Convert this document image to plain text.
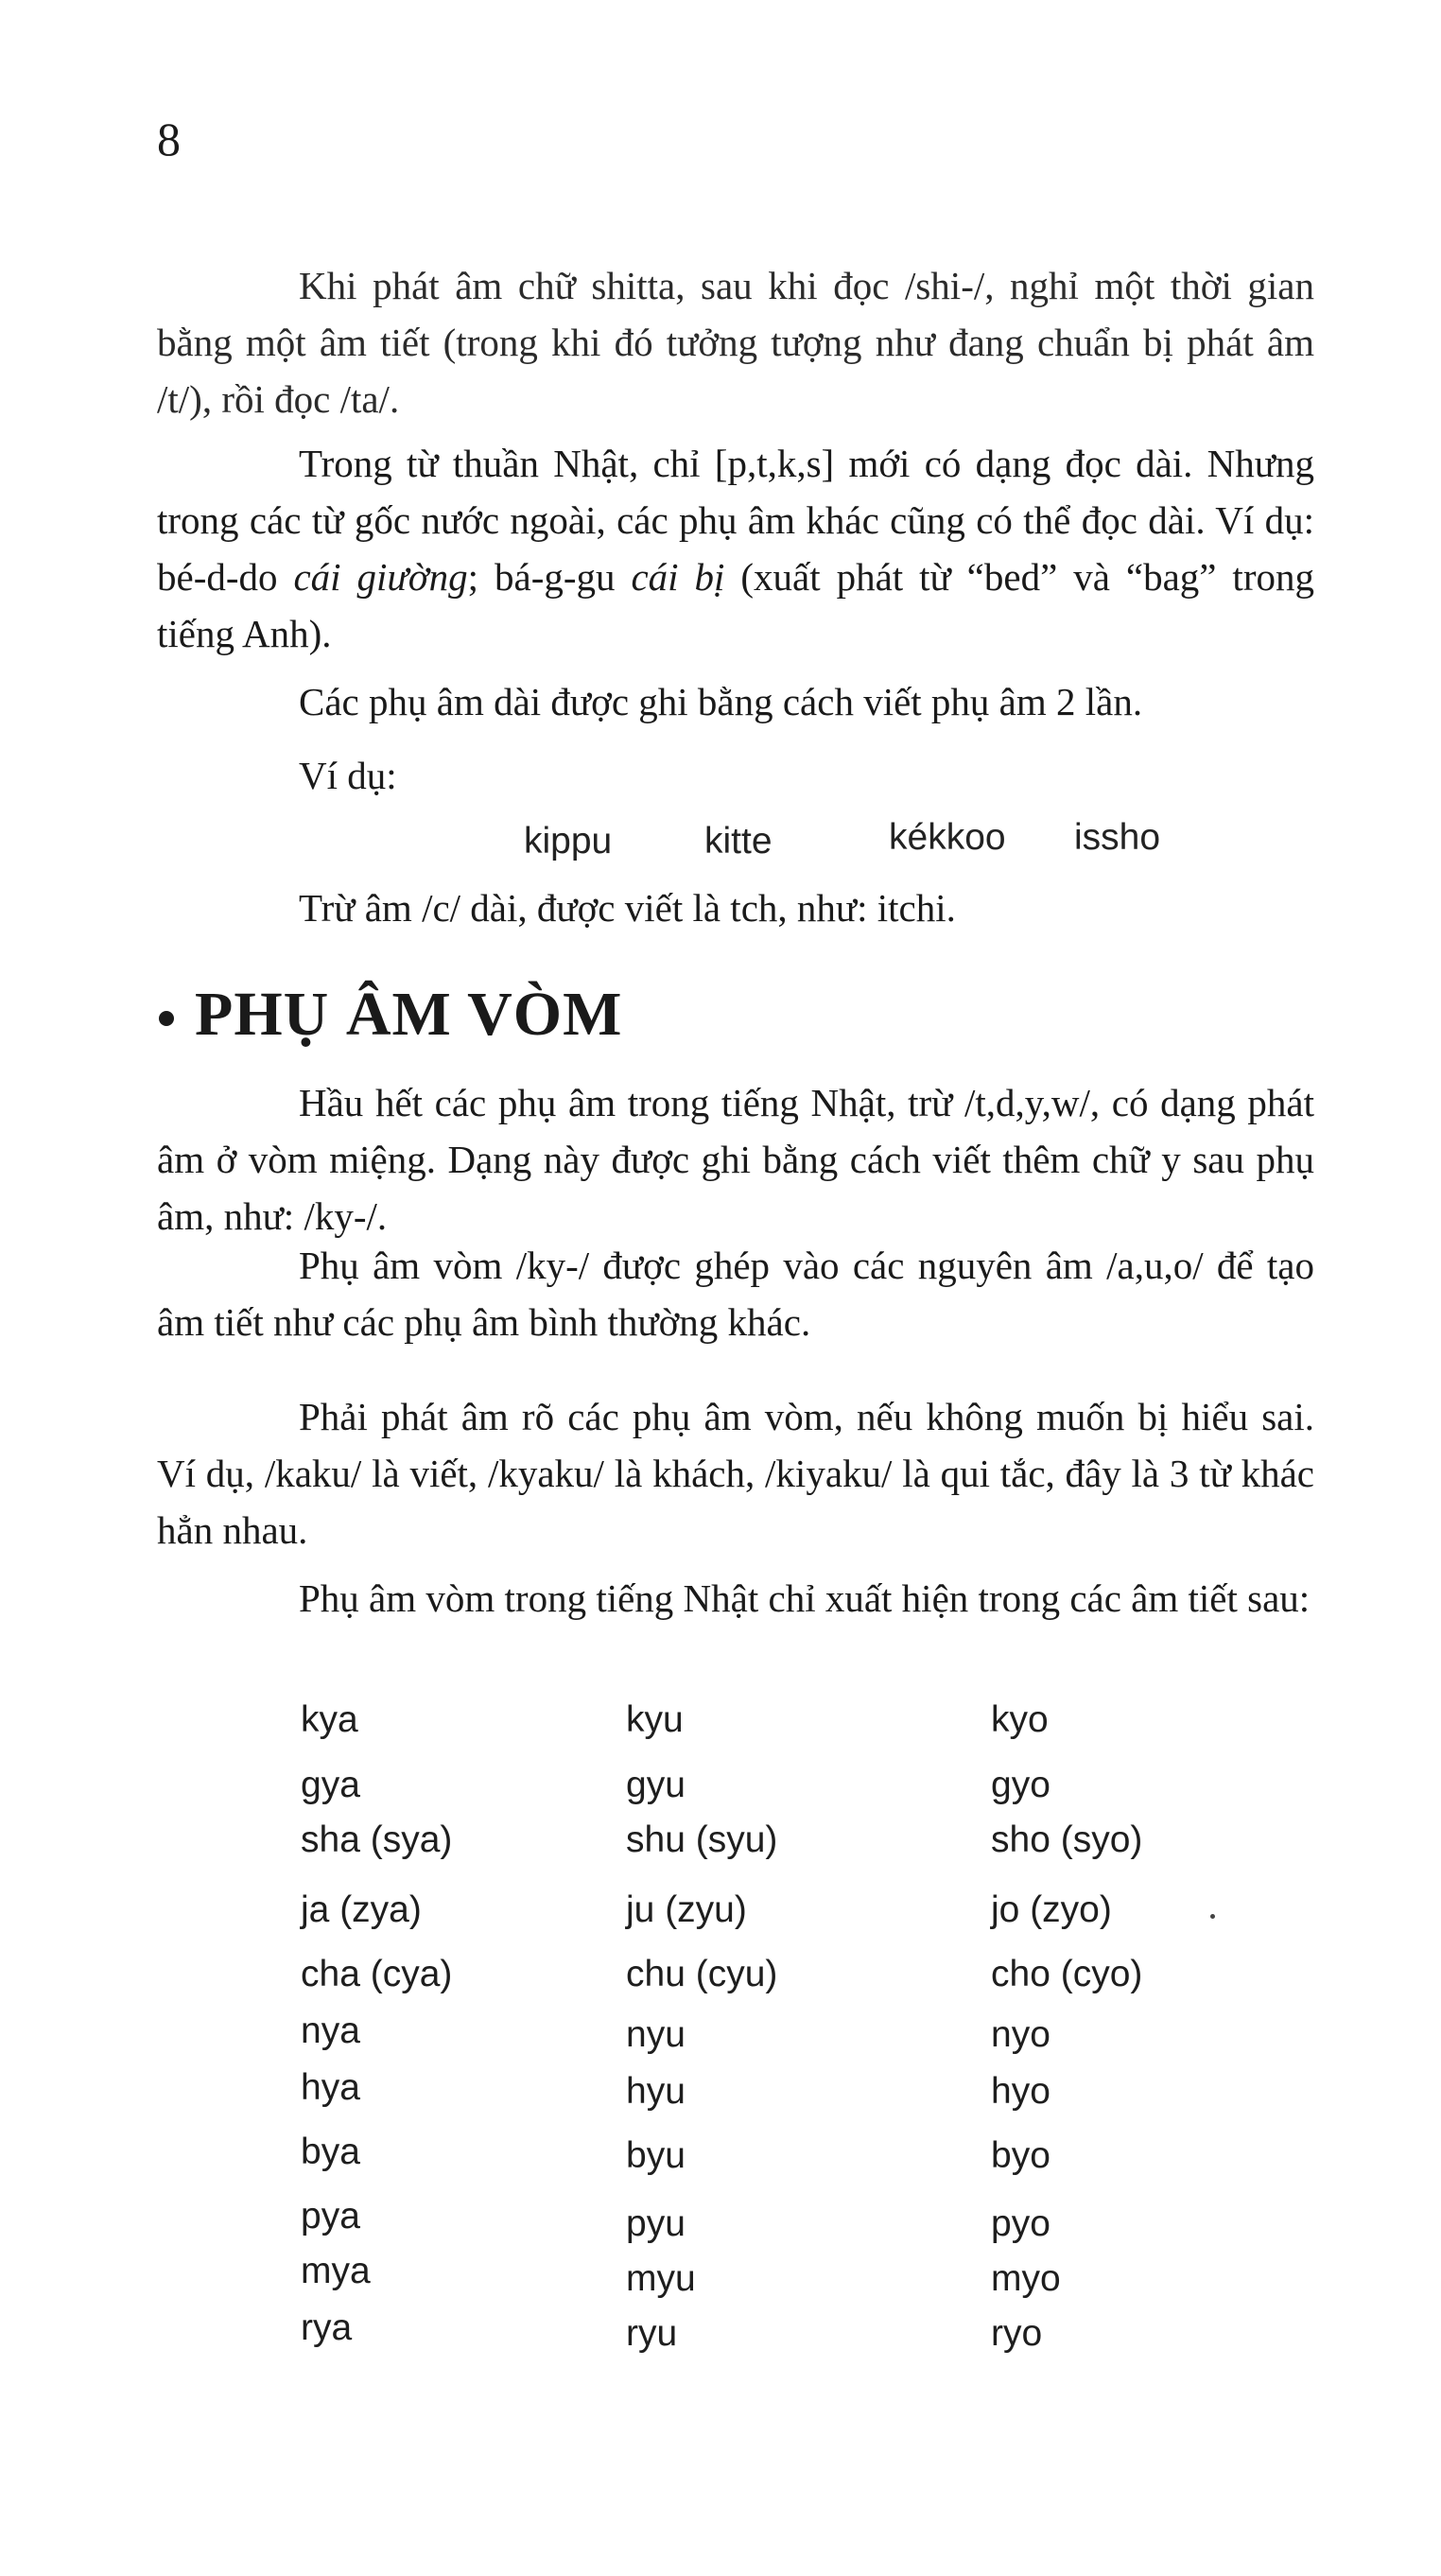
8

Khi phát âm chữ shitta, sau khi đọc /shi-/, nghỉ một thời gian bằng một âm tiết (trong khi đó tưởng tượng như đang chuẩn bị phát âm /t/), rồi đọc /ta/.

Trong từ thuần Nhật, chỉ [p,t,k,s] mới có dạng đọc dài. Nhưng trong các từ gốc nước ngoài, các phụ âm khác cũng có thể đọc dài. Ví dụ: bé-d-do cái giường; bá-g-gu cái bị (xuất phát từ “bed” và “bag” trong tiếng Anh).

Các phụ âm dài được ghi bằng cách viết phụ âm 2 lần.

Ví dụ:

kippu	kitte	kékkoo issho

Trừ âm /c/ dài, được viết là tch, như: itchi.

PHỤ ÂM VÒM

Hầu hết các phụ âm trong tiếng Nhật, trừ /t,d,y,w/, có dạng phát âm ở vòm miệng. Dạng này được ghi bằng cách viết thêm chữ y sau phụ âm, như: /ky-/.

Phụ âm vòm /ky-/ được ghép vào các nguyên âm /a,u,o/ để tạo âm tiết như các phụ âm bình thường khác.

Phải phát âm rõ các phụ âm vòm, nếu không muốn bị hiểu sai. Ví dụ, /kaku/ là viết, /kyaku/ là khách, /kiyaku/ là qui tắc, đây là 3 từ khác hẳn nhau.

Phụ âm vòm trong tiếng Nhật chỉ xuất hiện trong các âm tiết sau:

kya	kyu	kyo
gya	gyu	gyo
sha (sya)	shu (syu)	sho (syo)
ja (zya)	ju (zyu)	jo (zyo)
cha (cya)	chu (cyu)	cho (cyo)
nya	nyu	nyo
hya	hyu	hyo
bya	byu	byo
pya	pyu	pyo
mya	myu	myo
rya	ryu	ryo
